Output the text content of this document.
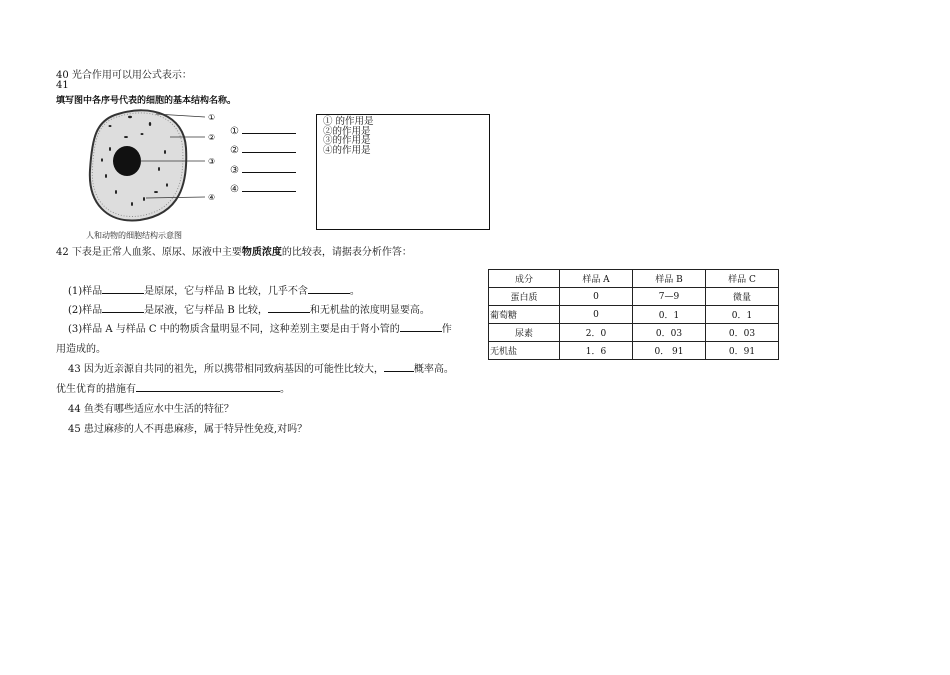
40 光合作用可以用公式表示：
41
填写图中各序号代表的细胞的基本结构名称。
①
②
③
④
人和动物的细胞结构示意图
①
②
③
④
① 的作用是
②的作用是
③的作用是
④的作用是
42 下表是正常人血浆、原尿、尿液中主要物质浓度的比较表，请据表分析作答：
(1)样品	是原尿，它与样品 B 比较，几乎不含	。
(2)样品	是尿液，它与样品 B 比较，	和无机盐的浓度明显要高。
(3)样品 A 与样品 C 中的物质含量明显不同，这种差别主要是由于肾小管的	作
用造成的。
43 因为近亲源自共同的祖先，所以携带相同致病基因的可能性比较大，	概率高。
优生优育的措施有	。
44 鱼类有哪些适应水中生活的特征？
45 患过麻疹的人不再患麻疹，属于特异性免疫,对吗？
成分	样品 A	样品 B	样品 C
蛋白质	0	7—9	微量
葡萄糖	0	0．1	0．1
尿素	2．0	0．03	0．03
无机盐	1．6	0． 91	0．91
